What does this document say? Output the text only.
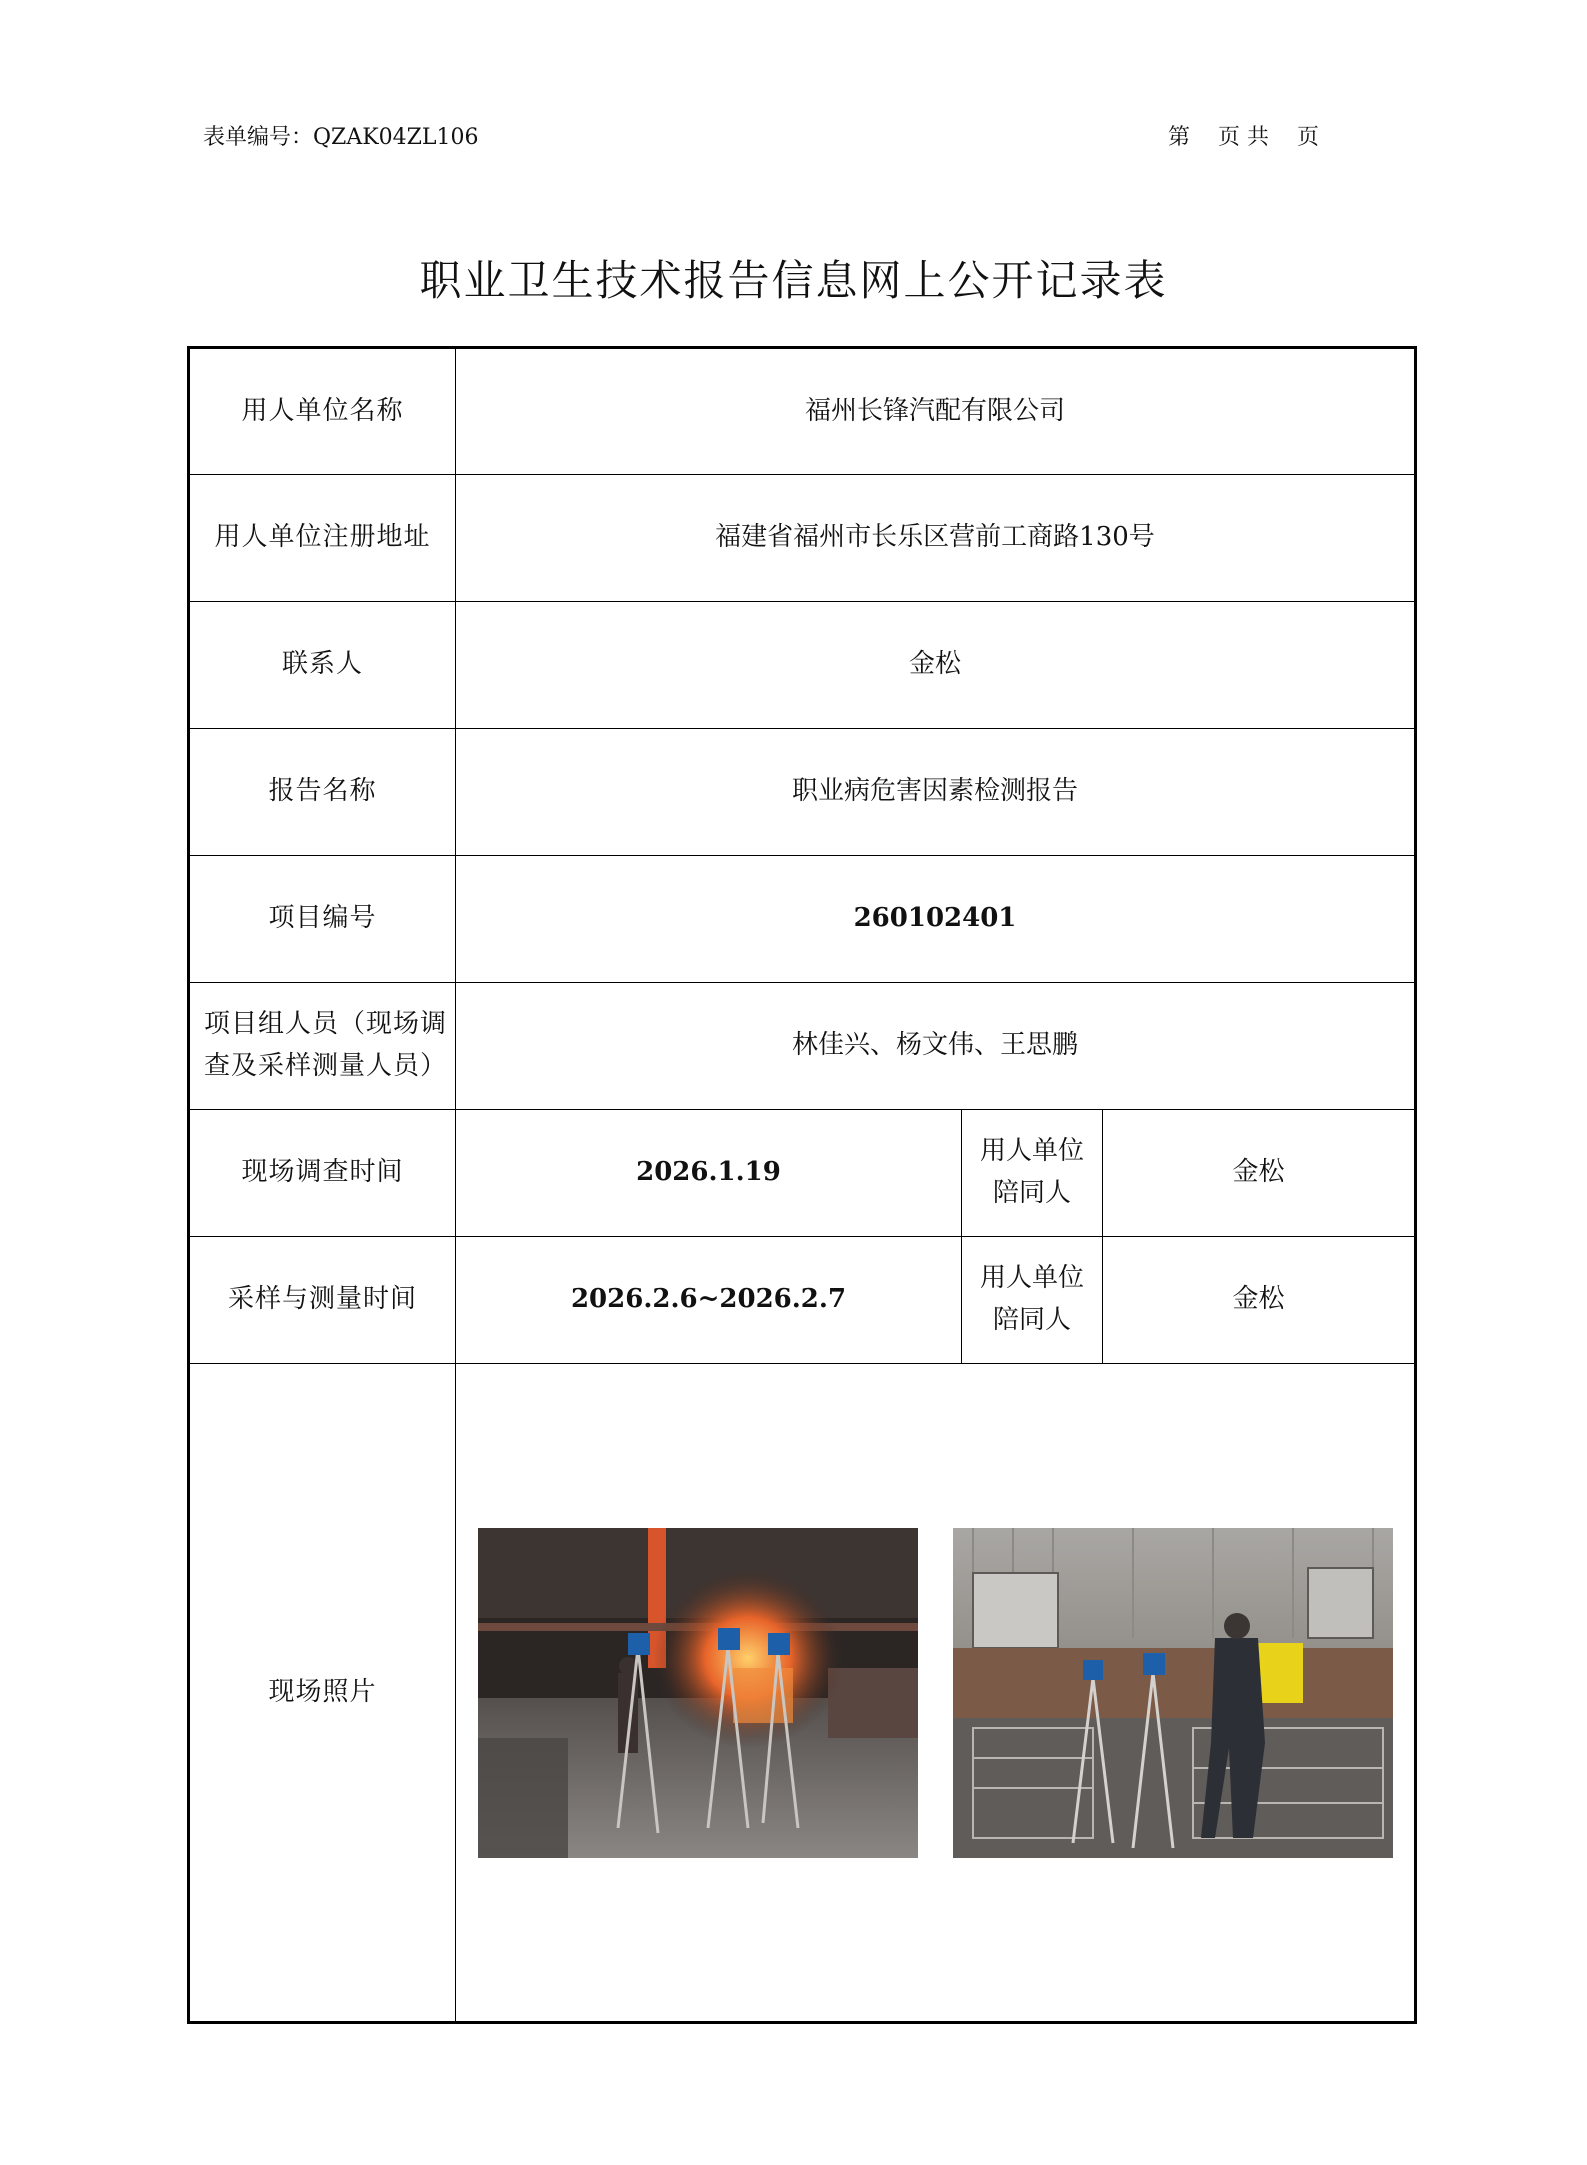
表单编号：QZAK04ZL106	第    页 共    页
职业卫生技术报告信息网上公开记录表
用人单位名称	福州长锋汽配有限公司		
用人单位注册地址	福建省福州市长乐区营前工商路130号		
联系人	金松		
报告名称	职业病危害因素检测报告		
项目编号	260102401		
项目组人员（现场调查及采样测量人员）	林佳兴、杨文伟、王思鹏		
现场调查时间	2026.1.19	用人单位陪同人	金松
采样与测量时间	2026.2.6~2026.2.7	用人单位陪同人	金松
现场照片	
